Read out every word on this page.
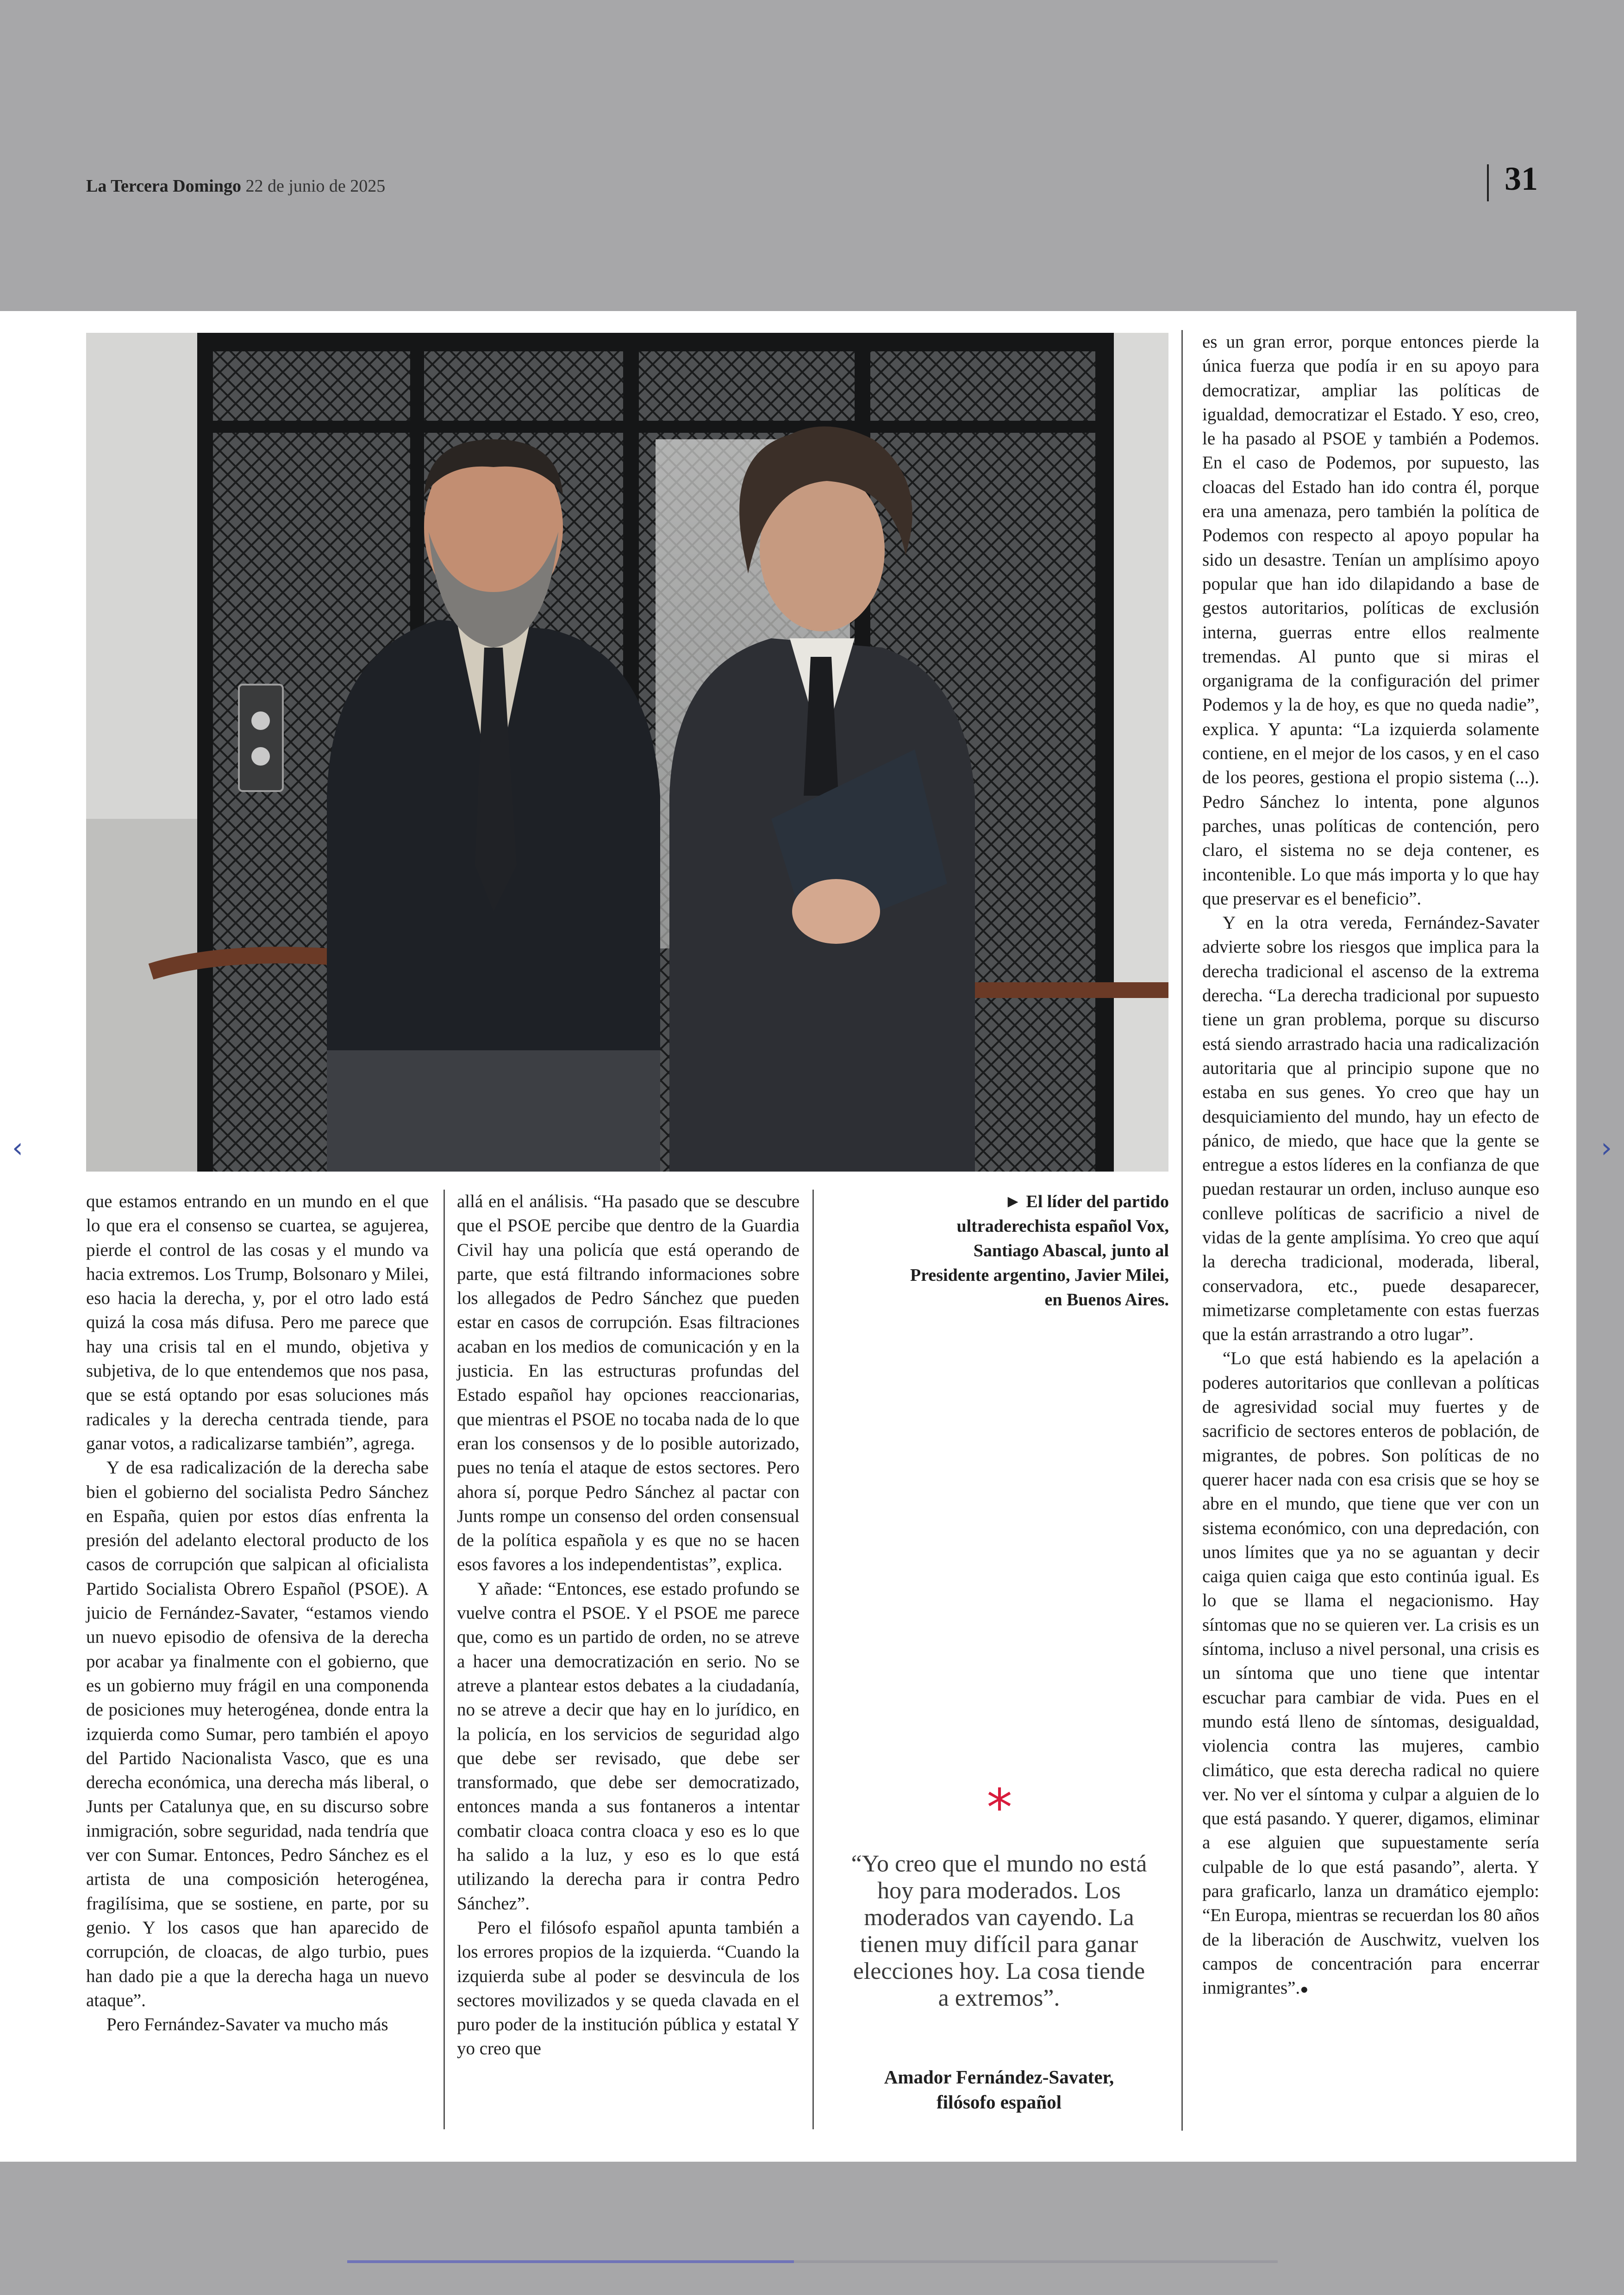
La Tercera Domingo 22 de junio de 2025	31

que estamos entrando en un mundo en el que lo que era el consenso se cuartea, se agujerea, pierde el control de las cosas y el mundo va hacia extremos. Los Trump, Bolsonaro y Milei, eso hacia la derecha, y, por el otro lado está quizá la cosa más difusa. Pero me parece que hay una crisis tal en el mundo, objetiva y subjetiva, de lo que entendemos que nos pasa, que se está optando por esas soluciones más radicales y la derecha centrada tiende, para ganar votos, a radicalizarse también”, agrega.

Y de esa radicalización de la derecha sabe bien el gobierno del socialista Pedro Sánchez en España, quien por estos días enfrenta la presión del adelanto electoral producto de los casos de corrupción que salpican al oficialista Partido Socialista Obrero Español (PSOE). A juicio de Fernández-Savater, “estamos viendo un nuevo episodio de ofensiva de la derecha por acabar ya finalmente con el gobierno, que es un gobierno muy frágil en una componenda de posiciones muy heterogénea, donde entra la izquierda como Sumar, pero también el apoyo del Partido Nacionalista Vasco, que es una derecha económica, una derecha más liberal, o Junts per Catalunya que, en su discurso sobre inmigración, sobre seguridad, nada tendría que ver con Sumar. Entonces, Pedro Sánchez es el artista de una composición heterogénea, fragilísima, que se sostiene, en parte, por su genio. Y los casos que han aparecido de corrupción, de cloacas, de algo turbio, pues han dado pie a que la derecha haga un nuevo ataque”.

Pero Fernández-Savater va mucho más

allá en el análisis. “Ha pasado que se descubre que el PSOE percibe que dentro de la Guardia Civil hay una policía que está operando de parte, que está filtrando informaciones sobre los allegados de Pedro Sánchez que pueden estar en casos de corrupción. Esas filtraciones acaban en los medios de comunicación y en la justicia. En las estructuras profundas del Estado español hay opciones reaccionarias, que mientras el PSOE no tocaba nada de lo que eran los consensos y de lo posible autorizado, pues no tenía el ataque de estos sectores. Pero ahora sí, porque Pedro Sánchez al pactar con Junts rompe un consenso del orden consensual de la política española y es que no se hacen esos favores a los independentistas”, explica.

Y añade: “Entonces, ese estado profundo se vuelve contra el PSOE. Y el PSOE me parece que, como es un partido de orden, no se atreve a hacer una democratización en serio. No se atreve a plantear estos debates a la ciudadanía, no se atreve a decir que hay en lo jurídico, en la policía, en los servicios de seguridad algo que debe ser revisado, que debe ser transformado, que debe ser democratizado, entonces manda a sus fontaneros a intentar combatir cloaca contra cloaca y eso es lo que ha salido a la luz, y eso es lo que está utilizando la derecha para ir contra Pedro Sánchez”.

Pero el filósofo español apunta también a los errores propios de la izquierda. “Cuando la izquierda sube al poder se desvincula de los sectores movilizados y se queda clavada en el puro poder de la institución pública y estatal Y yo creo que

► El líder del partido ultraderechista español Vox, Santiago Abascal, junto al Presidente argentino, Javier Milei, en Buenos Aires.
*
“Yo creo que el mundo no está hoy para moderados. Los moderados van cayendo. La tienen muy difícil para ganar elecciones hoy. La cosa tiende a extremos”.
Amador Fernández-Savater,
filósofo español

es un gran error, porque entonces pierde la única fuerza que podía ir en su apoyo para democratizar, ampliar las políticas de igualdad, democratizar el Estado. Y eso, creo, le ha pasado al PSOE y también a Podemos. En el caso de Podemos, por supuesto, las cloacas del Estado han ido contra él, porque era una amenaza, pero también la política de Podemos con respecto al apoyo popular ha sido un desastre. Tenían un amplísimo apoyo popular que han ido dilapidando a base de gestos autoritarios, políticas de exclusión interna, guerras entre ellos realmente tremendas. Al punto que si miras el organigrama de la configuración del primer Podemos y la de hoy, es que no queda nadie”, explica. Y apunta: “La izquierda solamente contiene, en el mejor de los casos, y en el caso de los peores, gestiona el propio sistema (...). Pedro Sánchez lo intenta, pone algunos parches, unas políticas de contención, pero claro, el sistema no se deja contener, es incontenible. Lo que más importa y lo que hay que preservar es el beneficio”.

Y en la otra vereda, Fernández-Savater advierte sobre los riesgos que implica para la derecha tradicional el ascenso de la extrema derecha. “La derecha tradicional por supuesto tiene un gran problema, porque su discurso está siendo arrastrado hacia una radicalización autoritaria que al principio supone que no estaba en sus genes. Yo creo que hay un desquiciamiento del mundo, hay un efecto de pánico, de miedo, que hace que la gente se entregue a estos líderes en la confianza de que puedan restaurar un orden, incluso aunque eso conlleve políticas de sacrificio a nivel de vidas de la gente amplísima. Yo creo que aquí la derecha tradicional, moderada, liberal, conservadora, etc., puede desaparecer, mimetizarse completamente con estas fuerzas que la están arrastrando a otro lugar”.

“Lo que está habiendo es la apelación a poderes autoritarios que conllevan a políticas de agresividad social muy fuertes y de sacrificio de sectores enteros de población, de migrantes, de pobres. Son políticas de no querer hacer nada con esa crisis que se hoy se abre en el mundo, que tiene que ver con un sistema económico, con una depredación, con unos límites que ya no se aguantan y decir caiga quien caiga que esto continúa igual. Es lo que se llama el negacionismo. Hay síntomas que no se quieren ver. La crisis es un síntoma, incluso a nivel personal, una crisis es un síntoma que uno tiene que intentar escuchar para cambiar de vida. Pues en el mundo está lleno de síntomas, desigualdad, violencia contra las mujeres, cambio climático, que esta derecha radical no quiere ver. No ver el síntoma y culpar a alguien de lo que está pasando. Y querer, digamos, eliminar a ese alguien que supuestamente sería culpable de lo que está pasando”, alerta. Y para graficarlo, lanza un dramático ejemplo: “En Europa, mientras se recuerdan los 80 años de la liberación de Auschwitz, vuelven los campos de concentración para encerrar inmigrantes”.●

‹	›
